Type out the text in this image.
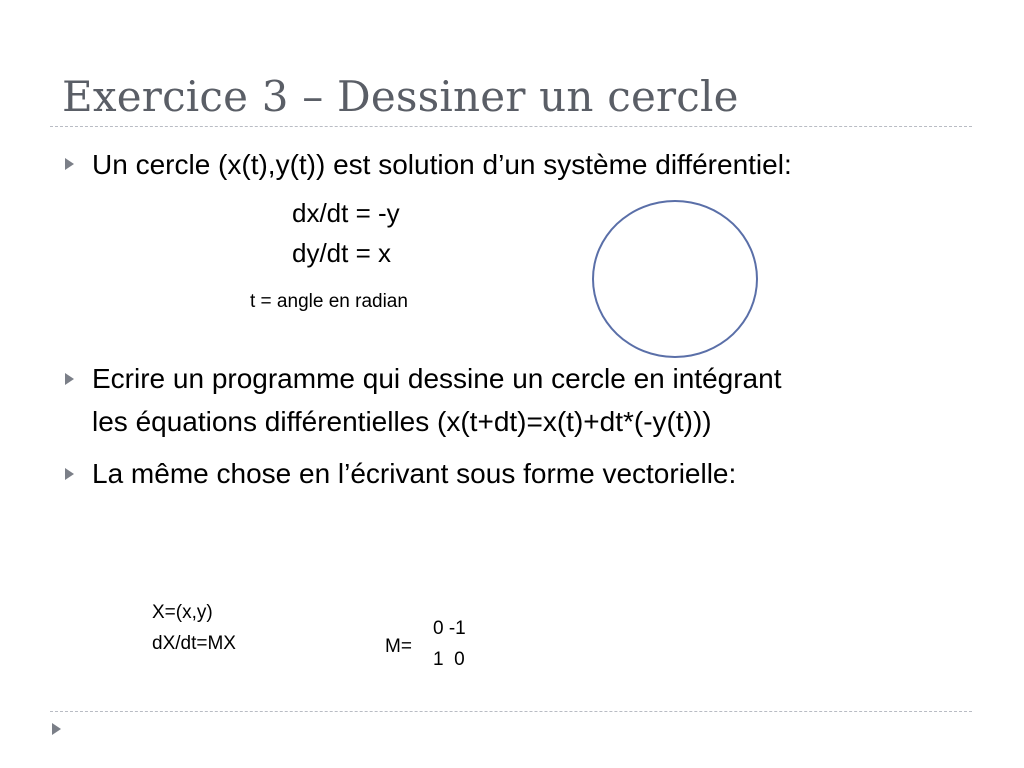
Exercice 3 – Dessiner un cercle
Un cercle (x(t),y(t)) est solution d’un système différentiel:
dx/dt = -y
dy/dt = x
t = angle en radian
Ecrire un programme qui dessine un cercle en intégrant
les équations différentielles (x(t+dt)=x(t)+dt*(-y(t)))
La même chose en l’écrivant sous forme vectorielle:
X=(x,y)
dX/dt=MX	M=
0 -1
1  0
